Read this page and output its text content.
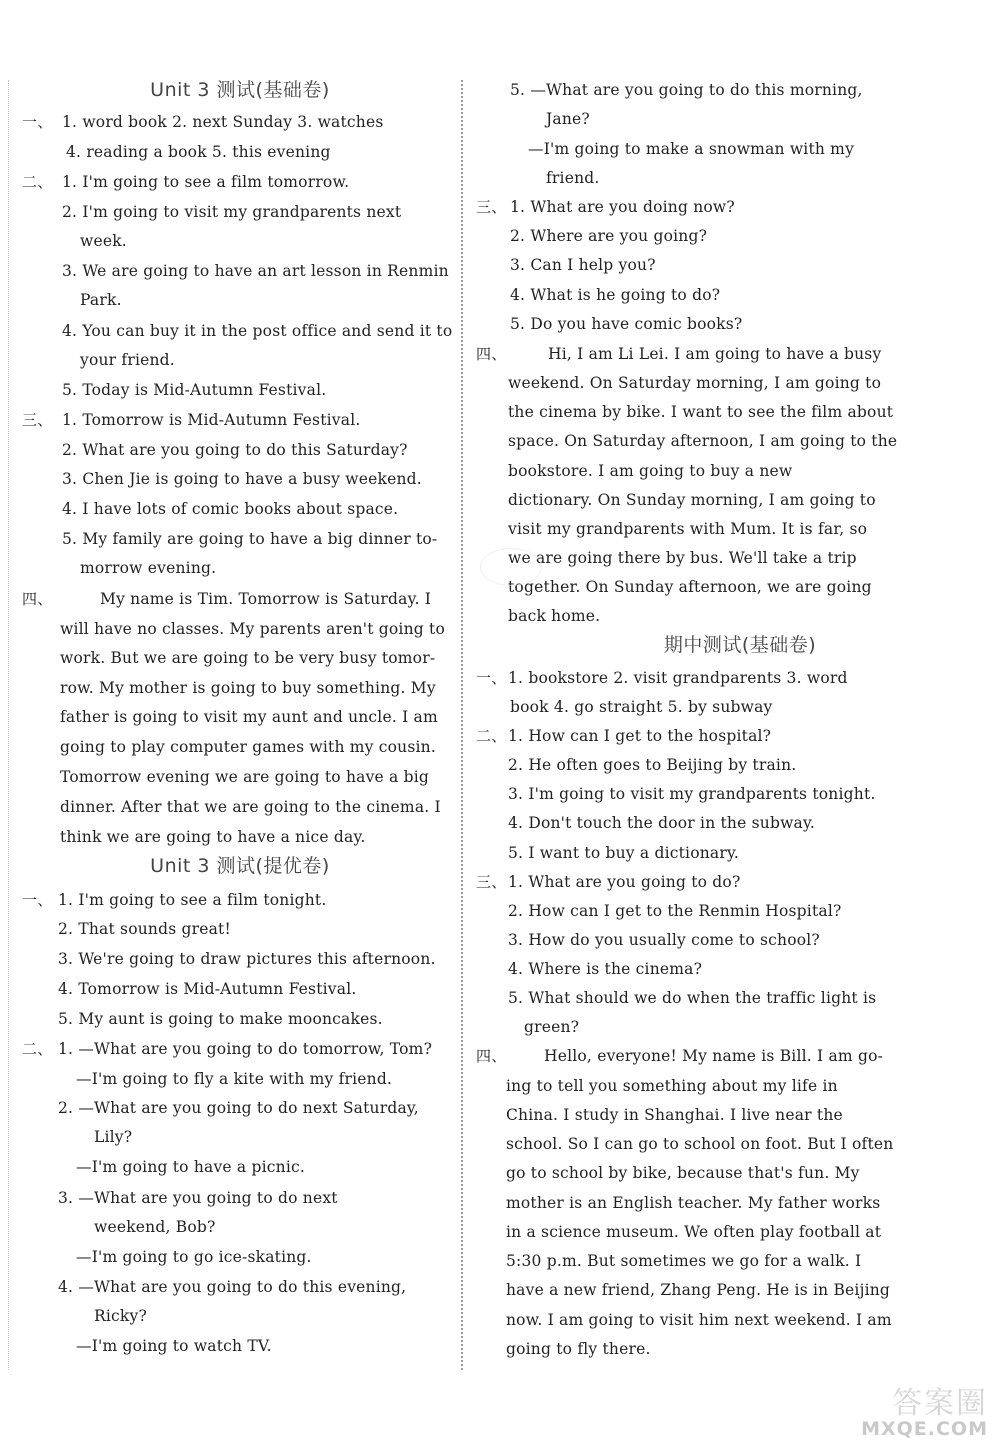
Unit 3 测试(基础卷)
一、 1. word book 2. next Sunday 3. watches
4. reading a book 5. this evening
二、 1. I'm going to see a film tomorrow.
2. I'm going to visit my grandparents next
week.
3. We are going to have an art lesson in Renmin
Park.
4. You can buy it in the post office and send it to
your friend.
5. Today is Mid-Autumn Festival.
三、 1. Tomorrow is Mid-Autumn Festival.
2. What are you going to do this Saturday?
3. Chen Jie is going to have a busy weekend.
4. I have lots of comic books about space.
5. My family are going to have a big dinner to-
morrow evening.
四、	My name is Tim. Tomorrow is Saturday. I
will have no classes. My parents aren't going to
work. But we are going to be very busy tomor-
row. My mother is going to buy something. My
father is going to visit my aunt and uncle. I am
going to play computer games with my cousin.
Tomorrow evening we are going to have a big
dinner. After that we are going to the cinema. I
think we are going to have a nice day.
Unit 3 测试(提优卷)
一、 1. I'm going to see a film tonight.
2. That sounds great!
3. We're going to draw pictures this afternoon.
4. Tomorrow is Mid-Autumn Festival.
5. My aunt is going to make mooncakes.
二、 1. —What are you going to do tomorrow, Tom?
—I'm going to fly a kite with my friend.
2. —What are you going to do next Saturday,
Lily?
—I'm going to have a picnic.
3. —What are you going to do next
weekend, Bob?
—I'm going to go ice-skating.
4. —What are you going to do this evening,
Ricky?
—I'm going to watch TV.
5. —What are you going to do this morning,
Jane?
—I'm going to make a snowman with my
friend.
三、 1. What are you doing now?
2. Where are you going?
3. Can I help you?
4. What is he going to do?
5. Do you have comic books?
四、	Hi, I am Li Lei. I am going to have a busy
weekend. On Saturday morning, I am going to
the cinema by bike. I want to see the film about
space. On Saturday afternoon, I am going to the
bookstore. I am going to buy a new
dictionary. On Sunday morning, I am going to
visit my grandparents with Mum. It is far, so
we are going there by bus. We'll take a trip
together. On Sunday afternoon, we are going
back home.
期中测试(基础卷)
一、 1. bookstore 2. visit grandparents 3. word
book 4. go straight 5. by subway
二、 1. How can I get to the hospital?
2. He often goes to Beijing by train.
3. I'm going to visit my grandparents tonight.
4. Don't touch the door in the subway.
5. I want to buy a dictionary.
三、 1. What are you going to do?
2. How can I get to the Renmin Hospital?
3. How do you usually come to school?
4. Where is the cinema?
5. What should we do when the traffic light is
green?
四、 Hello, everyone! My name is Bill. I am go-
ing to tell you something about my life in
China. I study in Shanghai. I live near the
school. So I can go to school on foot. But I often
go to school by bike, because that's fun. My
mother is an English teacher. My father works
in a science museum. We often play football at
5:30 p.m. But sometimes we go for a walk. I
have a new friend, Zhang Peng. He is in Beijing
now. I am going to visit him next weekend. I am
going to fly there.
答案圈
MXQE.COM
